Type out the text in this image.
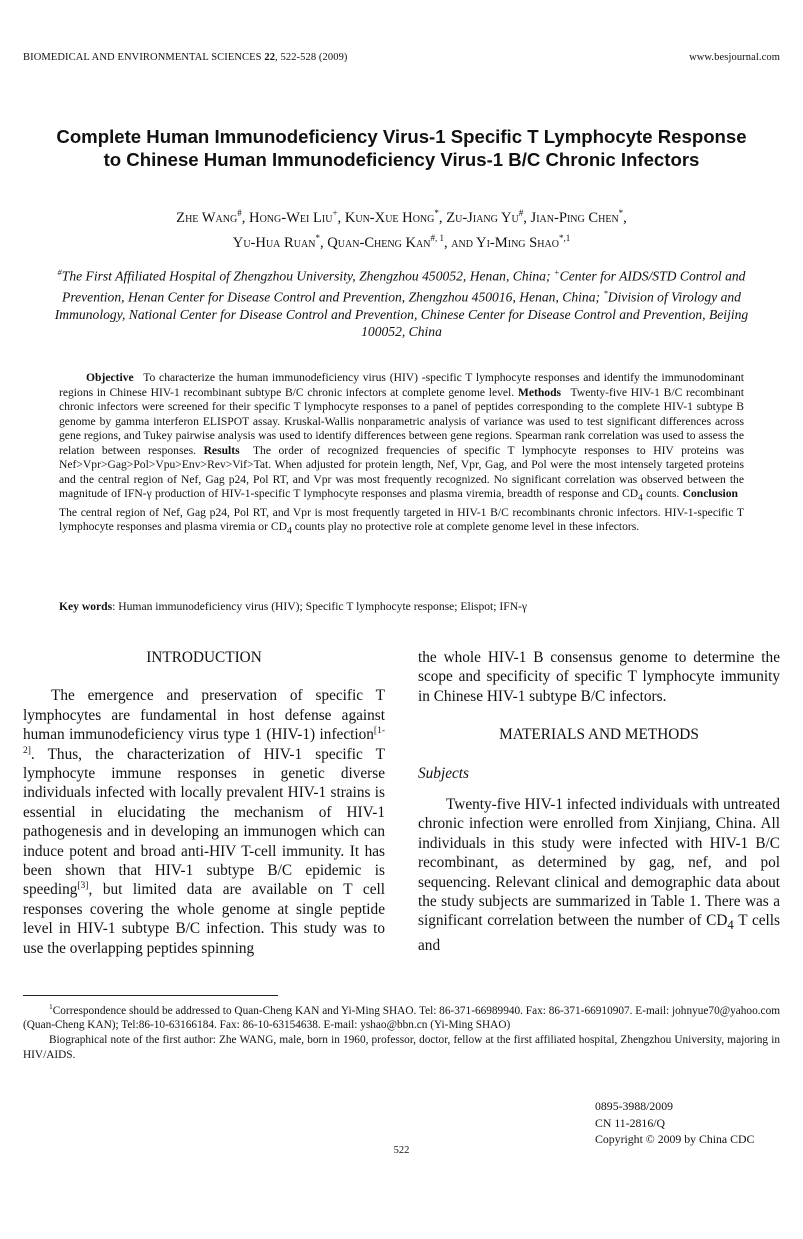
BIOMEDICAL AND ENVIRONMENTAL SCIENCES 22, 522-528 (2009)	www.besjournal.com
Complete Human Immunodeficiency Virus-1 Specific T Lymphocyte Response
to Chinese Human Immunodeficiency Virus-1 B/C Chronic Infectors
Zhe Wang#, Hong-Wei Liu+, Kun-Xue Hong*, Zu-Jiang Yu#, Jian-Ping Chen*,
Yu-Hua Ruan*, Quan-Cheng Kan$^{\#, 1}$, and Yi-Ming Shao$^{*,1}$
#The First Affiliated Hospital of Zhengzhou University, Zhengzhou 450052, Henan, China; +Center for AIDS/STD Control and Prevention, Henan Center for Disease Control and Prevention, Zhengzhou 450016, Henan, China; *Division of Virology and Immunology, National Center for Disease Control and Prevention, Chinese Center for Disease Control and Prevention, Beijing 100052, China
Objective To characterize the human immunodeficiency virus (HIV) -specific T lymphocyte responses and identify the immunodominant regions in Chinese HIV-1 recombinant subtype B/C chronic infectors at complete genome level. Methods Twenty-five HIV-1 B/C recombinant chronic infectors were screened for their specific T lymphocyte responses to a panel of peptides corresponding to the complete HIV-1 subtype B genome by gamma interferon ELISPOT assay. Kruskal-Wallis nonparametric analysis of variance was used to test significant differences across gene regions, and Tukey pairwise analysis was used to identify differences between gene regions. Spearman rank correlation was used to assess the relation between responses. Results The order of recognized frequencies of specific T lymphocyte responses to HIV proteins was Nef>Vpr>Gag>Pol>Vpu>Env>Rev>Vif>Tat. When adjusted for protein length, Nef, Vpr, Gag, and Pol were the most intensely targeted proteins and the central region of Nef, Gag p24, Pol RT, and Vpr was most frequently recognized. No significant correlation was observed between the magnitude of IFN-γ production of HIV-1-specific T lymphocyte responses and plasma viremia, breadth of response and $CD_4$ counts. Conclusion The central region of Nef, Gag p24, Pol RT, and Vpr is most frequently targeted in HIV-1 B/C recombinants chronic infectors. HIV-1-specific T lymphocyte responses and plasma viremia or $CD_4$ counts play no protective role at complete genome level in these infectors.
Key words: Human immunodeficiency virus (HIV); Specific T lymphocyte response; Elispot; IFN-γ

INTRODUCTION

The emergence and preservation of specific T lymphocytes are fundamental in host defense against human immunodeficiency virus type 1 (HIV-1) infection[1-2]. Thus, the characterization of HIV-1 specific T lymphocyte immune responses in genetic diverse individuals infected with locally prevalent HIV-1 strains is essential in elucidating the mechanism of HIV-1 pathogenesis and in developing an immunogen which can induce potent and broad anti-HIV T-cell immunity. It has been shown that HIV-1 subtype B/C epidemic is speeding[3], but limited data are available on T cell responses covering the whole genome at single peptide level in HIV-1 subtype B/C infection. This study was to use the overlapping peptides spinning

the whole HIV-1 B consensus genome to determine the scope and specificity of specific T lymphocyte immunity in Chinese HIV-1 subtype B/C infectors.

MATERIALS AND METHODS

Subjects

Twenty-five HIV-1 infected individuals with untreated chronic infection were enrolled from Xinjiang, China. All individuals in this study were infected with HIV-1 B/C recombinant, as determined by gag, nef, and pol sequencing. Relevant clinical and demographic data about the study subjects are summarized in Table 1. There was a significant correlation between the number of $CD_4$ T cells and

$^1$Correspondence should be addressed to Quan-Cheng KAN and Yi-Ming SHAO. Tel: 86-371-66989940. Fax: 86-371-66910907. E-mail: johnyue70@yahoo.com (Quan-Cheng KAN); Tel:86-10-63166184. Fax: 86-10-63154638. E-mail: yshao@bbn.cn (Yi-Ming SHAO)

Biographical note of the first author: Zhe WANG, male, born in 1960, professor, doctor, fellow at the first affiliated hospital, Zhengzhou University, majoring in HIV/AIDS.

0895-3988/2009
CN 11-2816/Q
Copyright © 2009 by China CDC
522
